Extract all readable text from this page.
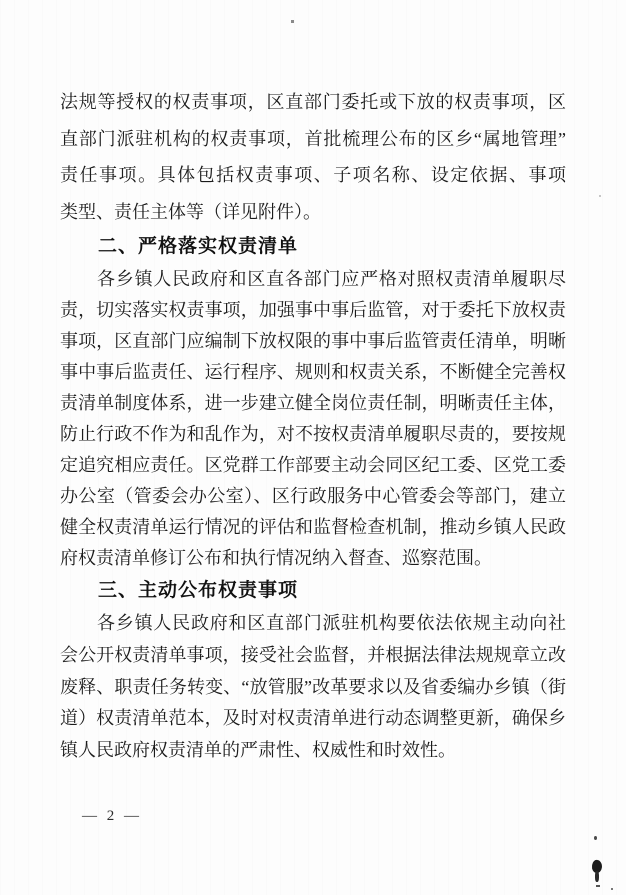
法规等授权的权责事项，区直部门委托或下放的权责事项，区
直部门派驻机构的权责事项，首批梳理公布的区乡“属地管理”
责任事项。具体包括权责事项、子项名称、设定依据、事项
类型、责任主体等（详见附件）。
二、严格落实权责清单
各乡镇人民政府和区直各部门应严格对照权责清单履职尽
责，切实落实权责事项，加强事中事后监管，对于委托下放权责
事项，区直部门应编制下放权限的事中事后监管责任清单，明晰
事中事后监责任、运行程序、规则和权责关系，不断健全完善权
责清单制度体系，进一步建立健全岗位责任制，明晰责任主体，
防止行政不作为和乱作为，对不按权责清单履职尽责的，要按规
定追究相应责任。区党群工作部要主动会同区纪工委、区党工委
办公室（管委会办公室）、区行政服务中心管委会等部门，建立
健全权责清单运行情况的评估和监督检查机制，推动乡镇人民政
府权责清单修订公布和执行情况纳入督查、巡察范围。
三、主动公布权责事项
各乡镇人民政府和区直部门派驻机构要依法依规主动向社
会公开权责清单事项，接受社会监督，并根据法律法规规章立改
废释、职责任务转变、“放管服”改革要求以及省委编办乡镇（街
道）权责清单范本，及时对权责清单进行动态调整更新，确保乡
镇人民政府权责清单的严肃性、权威性和时效性。
— 2 —
